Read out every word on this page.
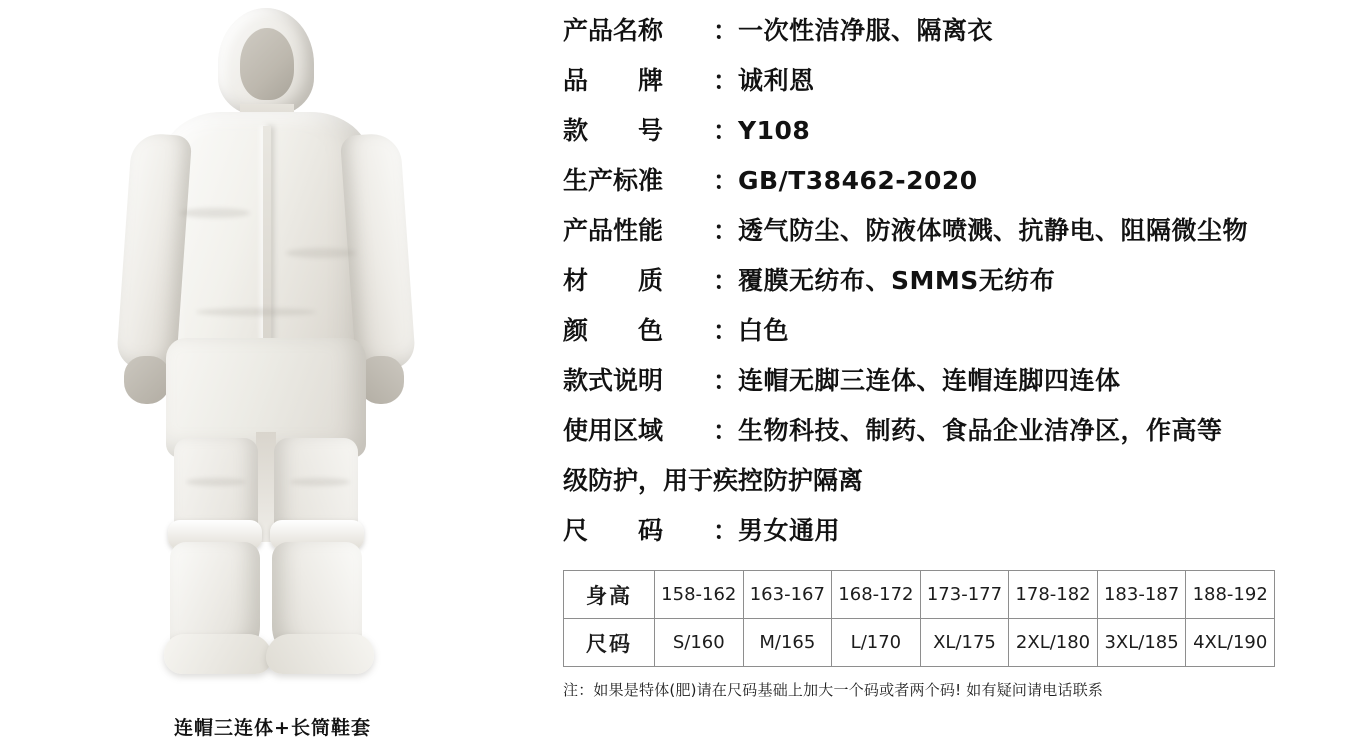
连帽三连体+长筒鞋套
产品名称	： 一次性洁净服、隔离衣
品　　牌	： 诚利恩
款　　号	： Y108
生产标准	： GB/T38462-2020
产品性能	： 透气防尘、防液体喷溅、抗静电、阻隔微尘物
材　　质	： 覆膜无纺布、SMMS无纺布
颜　　色	： 白色
款式说明	： 连帽无脚三连体、连帽连脚四连体
使用区域	： 生物科技、制药、食品企业洁净区，作高等
级防护，用于疾控防护隔离
尺　　码	： 男女通用
身高	158-162	163-167	168-172	173-177	178-182	183-187	188-192
尺码	S/160	M/165	L/170	XL/175	2XL/180	3XL/185	4XL/190
注：如果是特体(肥)请在尺码基础上加大一个码或者两个码! 如有疑问请电话联系
